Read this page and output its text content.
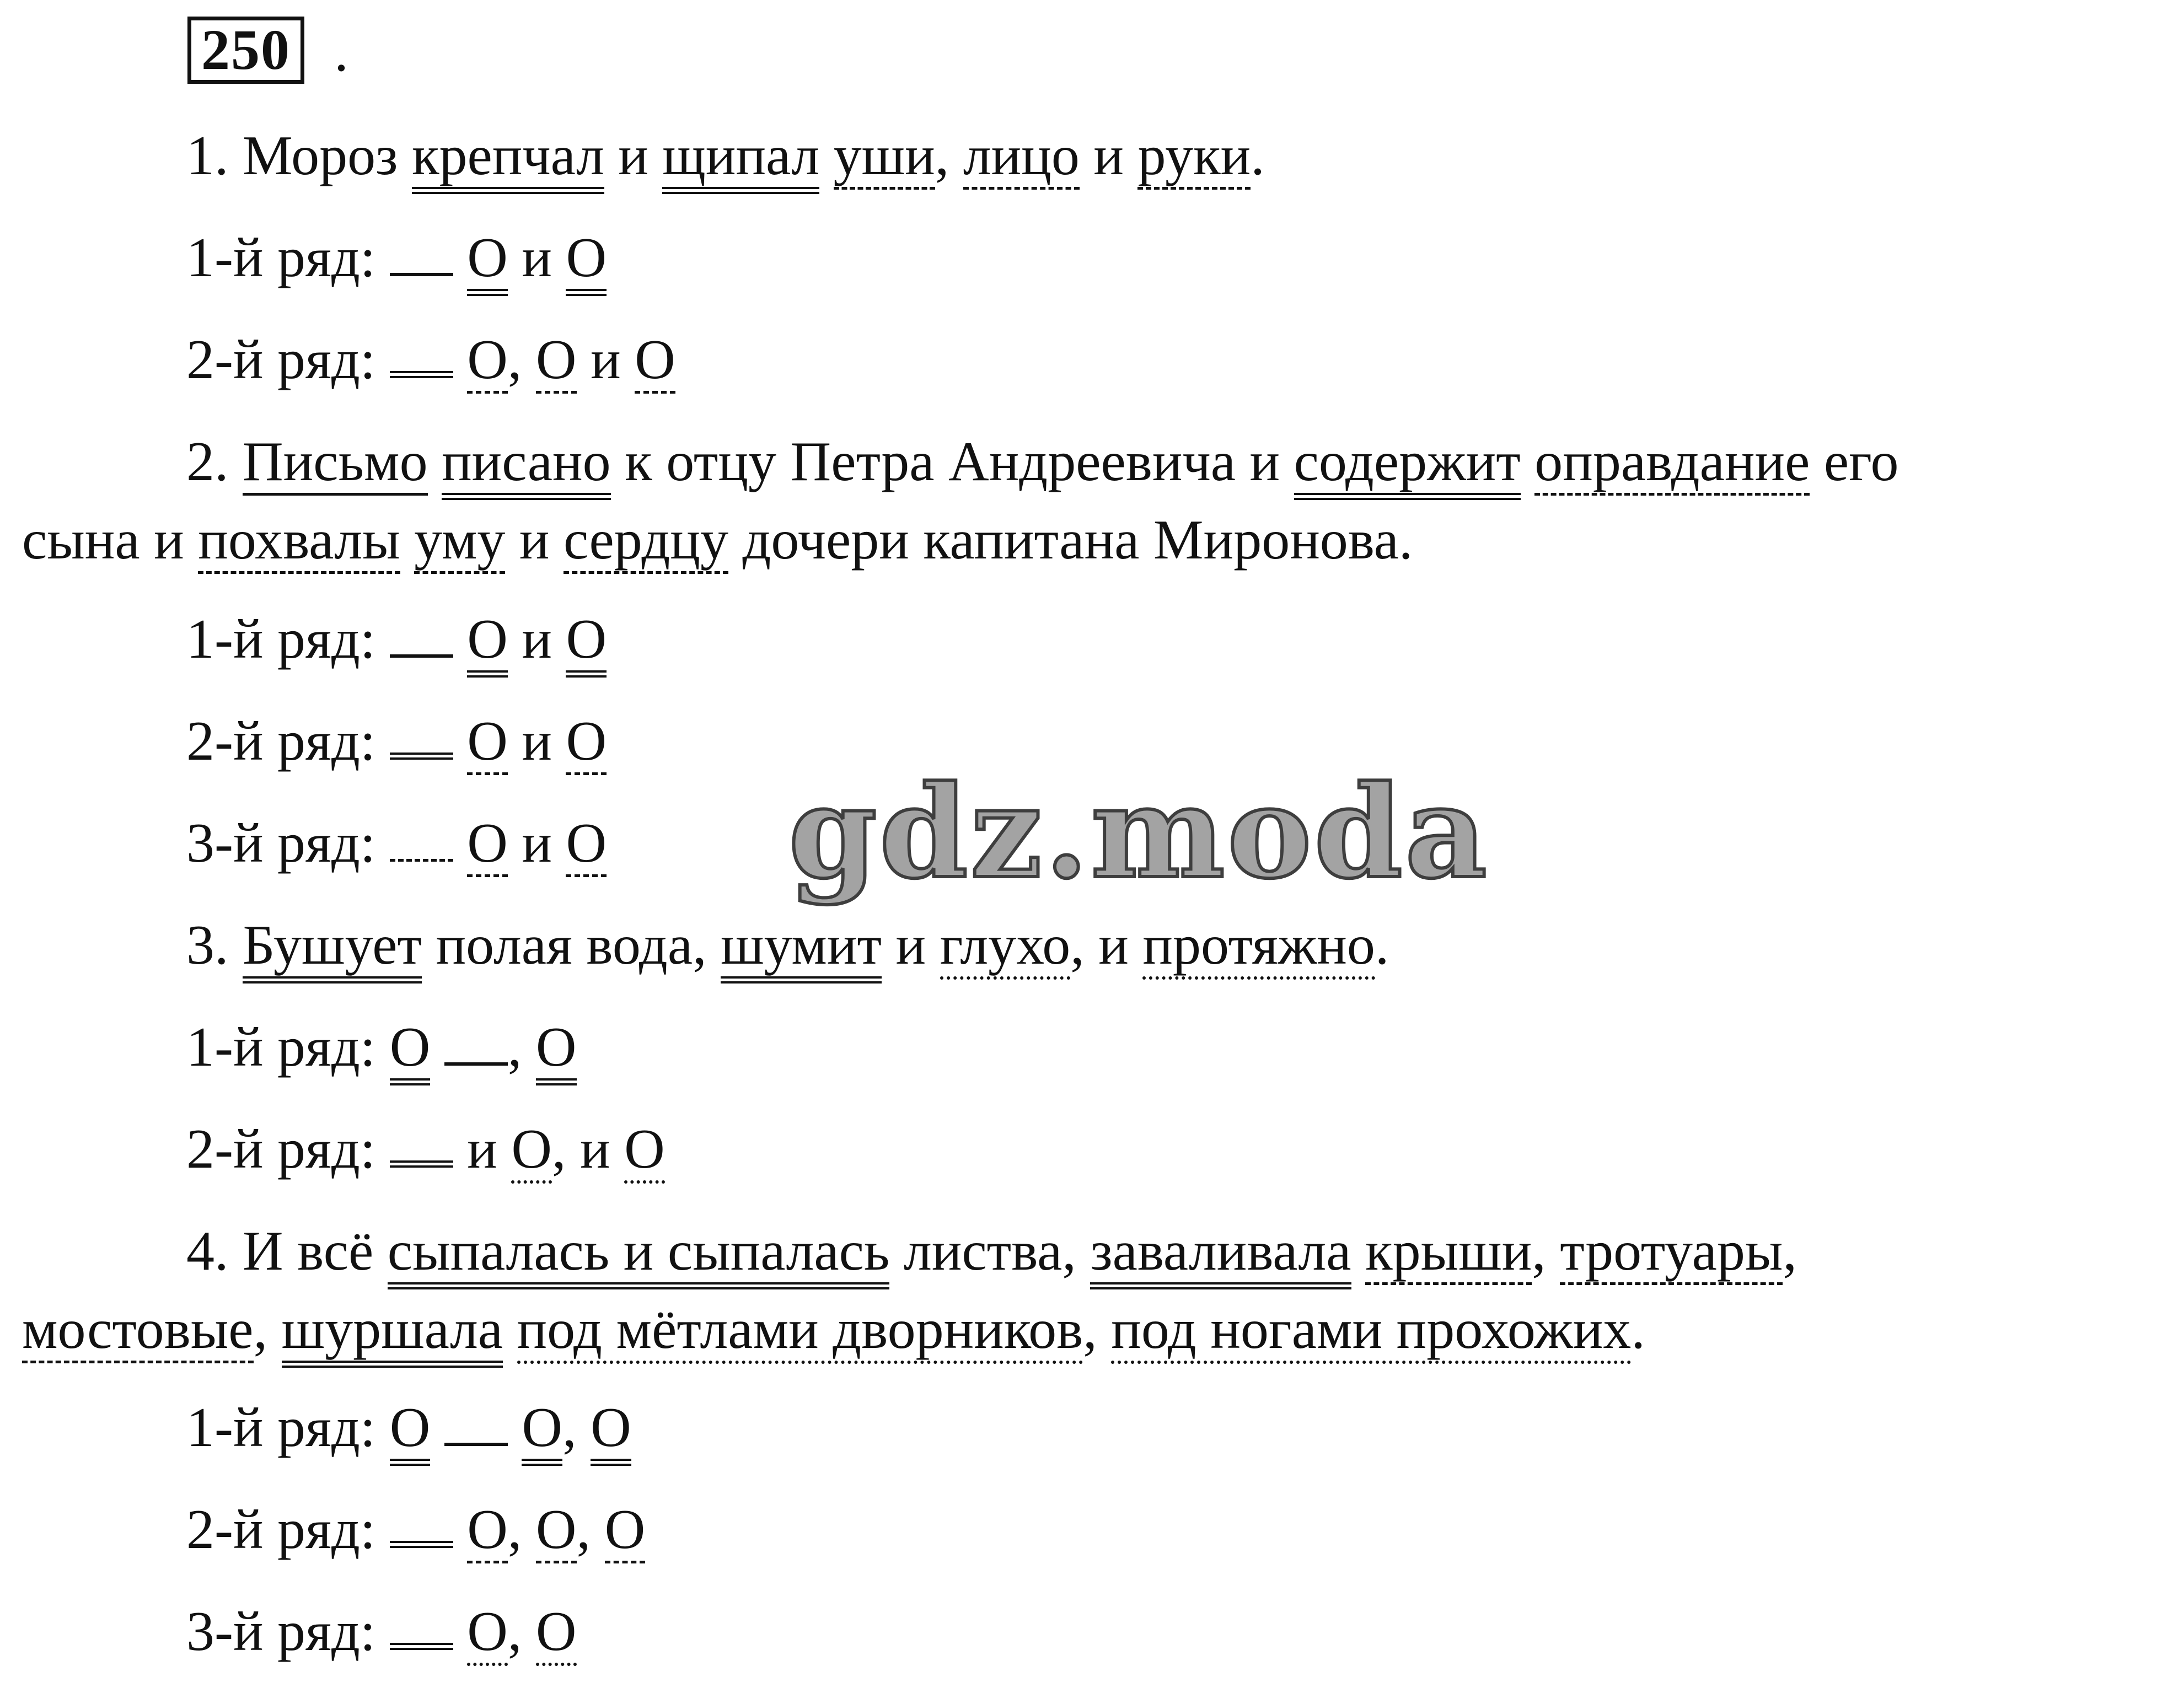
250 .
1. Мороз крепчал и щипал уши, лицо и руки.
1-й ряд: О и О
2-й ряд: О, О и О
2. Письмо писано к отцу Петра Андреевича и содержит оправдание его
сына и похвалы уму и сердцу дочери капитана Миронова.
1-й ряд: О и О
2-й ряд: О и О
3-й ряд: О и О gdz.moda
3. Бушует полая вода, шумит и глухо, и протяжно.
1-й ряд: О , О
2-й ряд: и О, и О
4. И всё сыпалась и сыпалась листва, заваливала крыши, тротуары,
мостовые, шуршала под мётлами дворников, под ногами прохожих.
1-й ряд: О О, О
2-й ряд: О, О, О
3-й ряд: О, О
